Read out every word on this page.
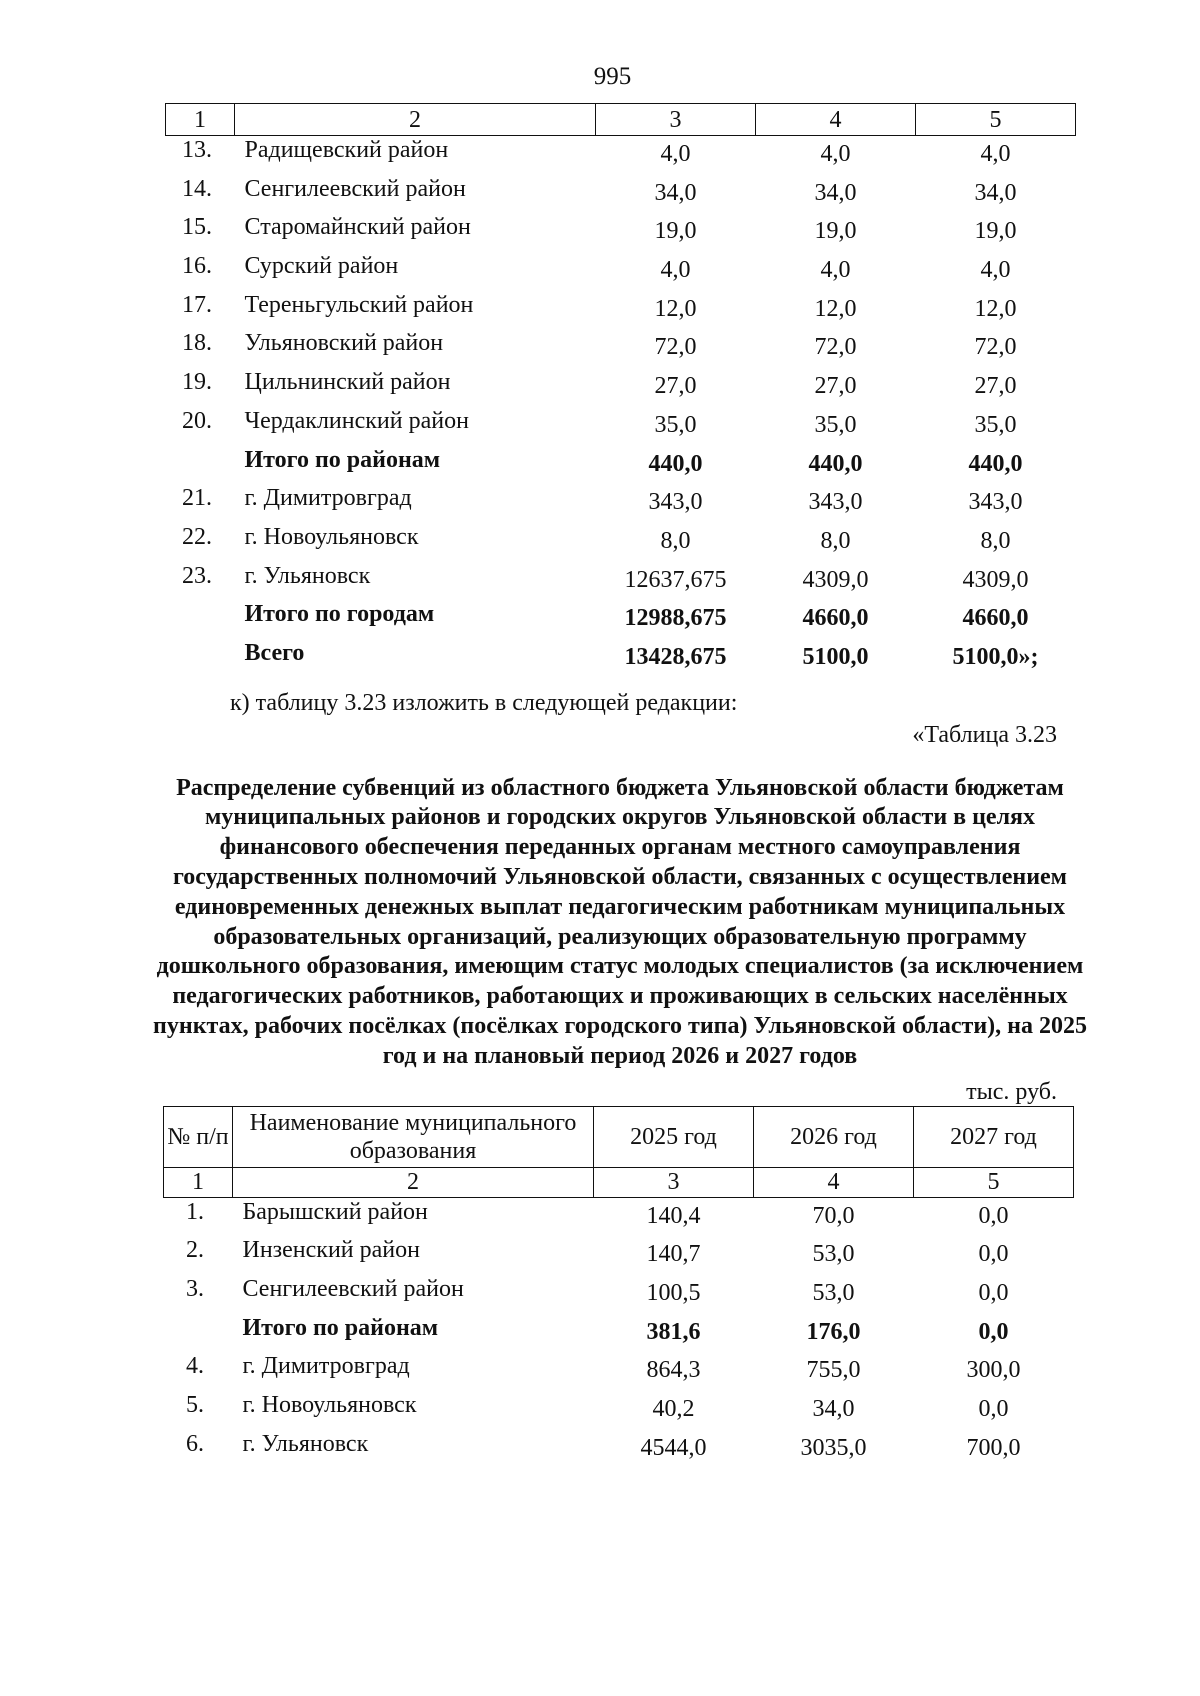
995
1	2	3	4	5
13.	Радищевский район	4,0	4,0	4,0
14.	Сенгилеевский район	34,0	34,0	34,0
15.	Старомайнский район	19,0	19,0	19,0
16.	Сурский район	4,0	4,0	4,0
17.	Тереньгульский район	12,0	12,0	12,0
18.	Ульяновский район	72,0	72,0	72,0
19.	Цильнинский район	27,0	27,0	27,0
20.	Чердаклинский район	35,0	35,0	35,0
	Итого по районам	440,0	440,0	440,0
21.	г. Димитровград	343,0	343,0	343,0
22.	г. Новоульяновск	8,0	8,0	8,0
23.	г. Ульяновск	12637,675	4309,0	4309,0
	Итого по городам	12988,675	4660,0	4660,0
	Всего	13428,675	5100,0	5100,0»;
к) таблицу 3.23 изложить в следующей редакции:
«Таблица 3.23
Распределение субвенций из областного бюджета Ульяновской области бюджетам муниципальных районов и городских округов Ульяновской области в целях финансового обеспечения переданных органам местного самоуправления государственных полномочий Ульяновской области, связанных с осуществлением единовременных денежных выплат педагогическим работникам муниципальных образовательных организаций, реализующих образовательную программу дошкольного образования, имеющим статус молодых специалистов (за исключением педагогических работников, работающих и проживающих в сельских населённых пунктах, рабочих посёлках (посёлках городского типа) Ульяновской области), на 2025 год и на плановый период 2026 и 2027 годов
тыс. руб.
№ п/п	Наименование муниципального образования	2025 год	2026 год	2027 год
1	2	3	4	5
1.	Барышский район	140,4	70,0	0,0
2.	Инзенский район	140,7	53,0	0,0
3.	Сенгилеевский район	100,5	53,0	0,0
	Итого по районам	381,6	176,0	0,0
4.	г. Димитровград	864,3	755,0	300,0
5.	г. Новоульяновск	40,2	34,0	0,0
6.	г. Ульяновск	4544,0	3035,0	700,0
